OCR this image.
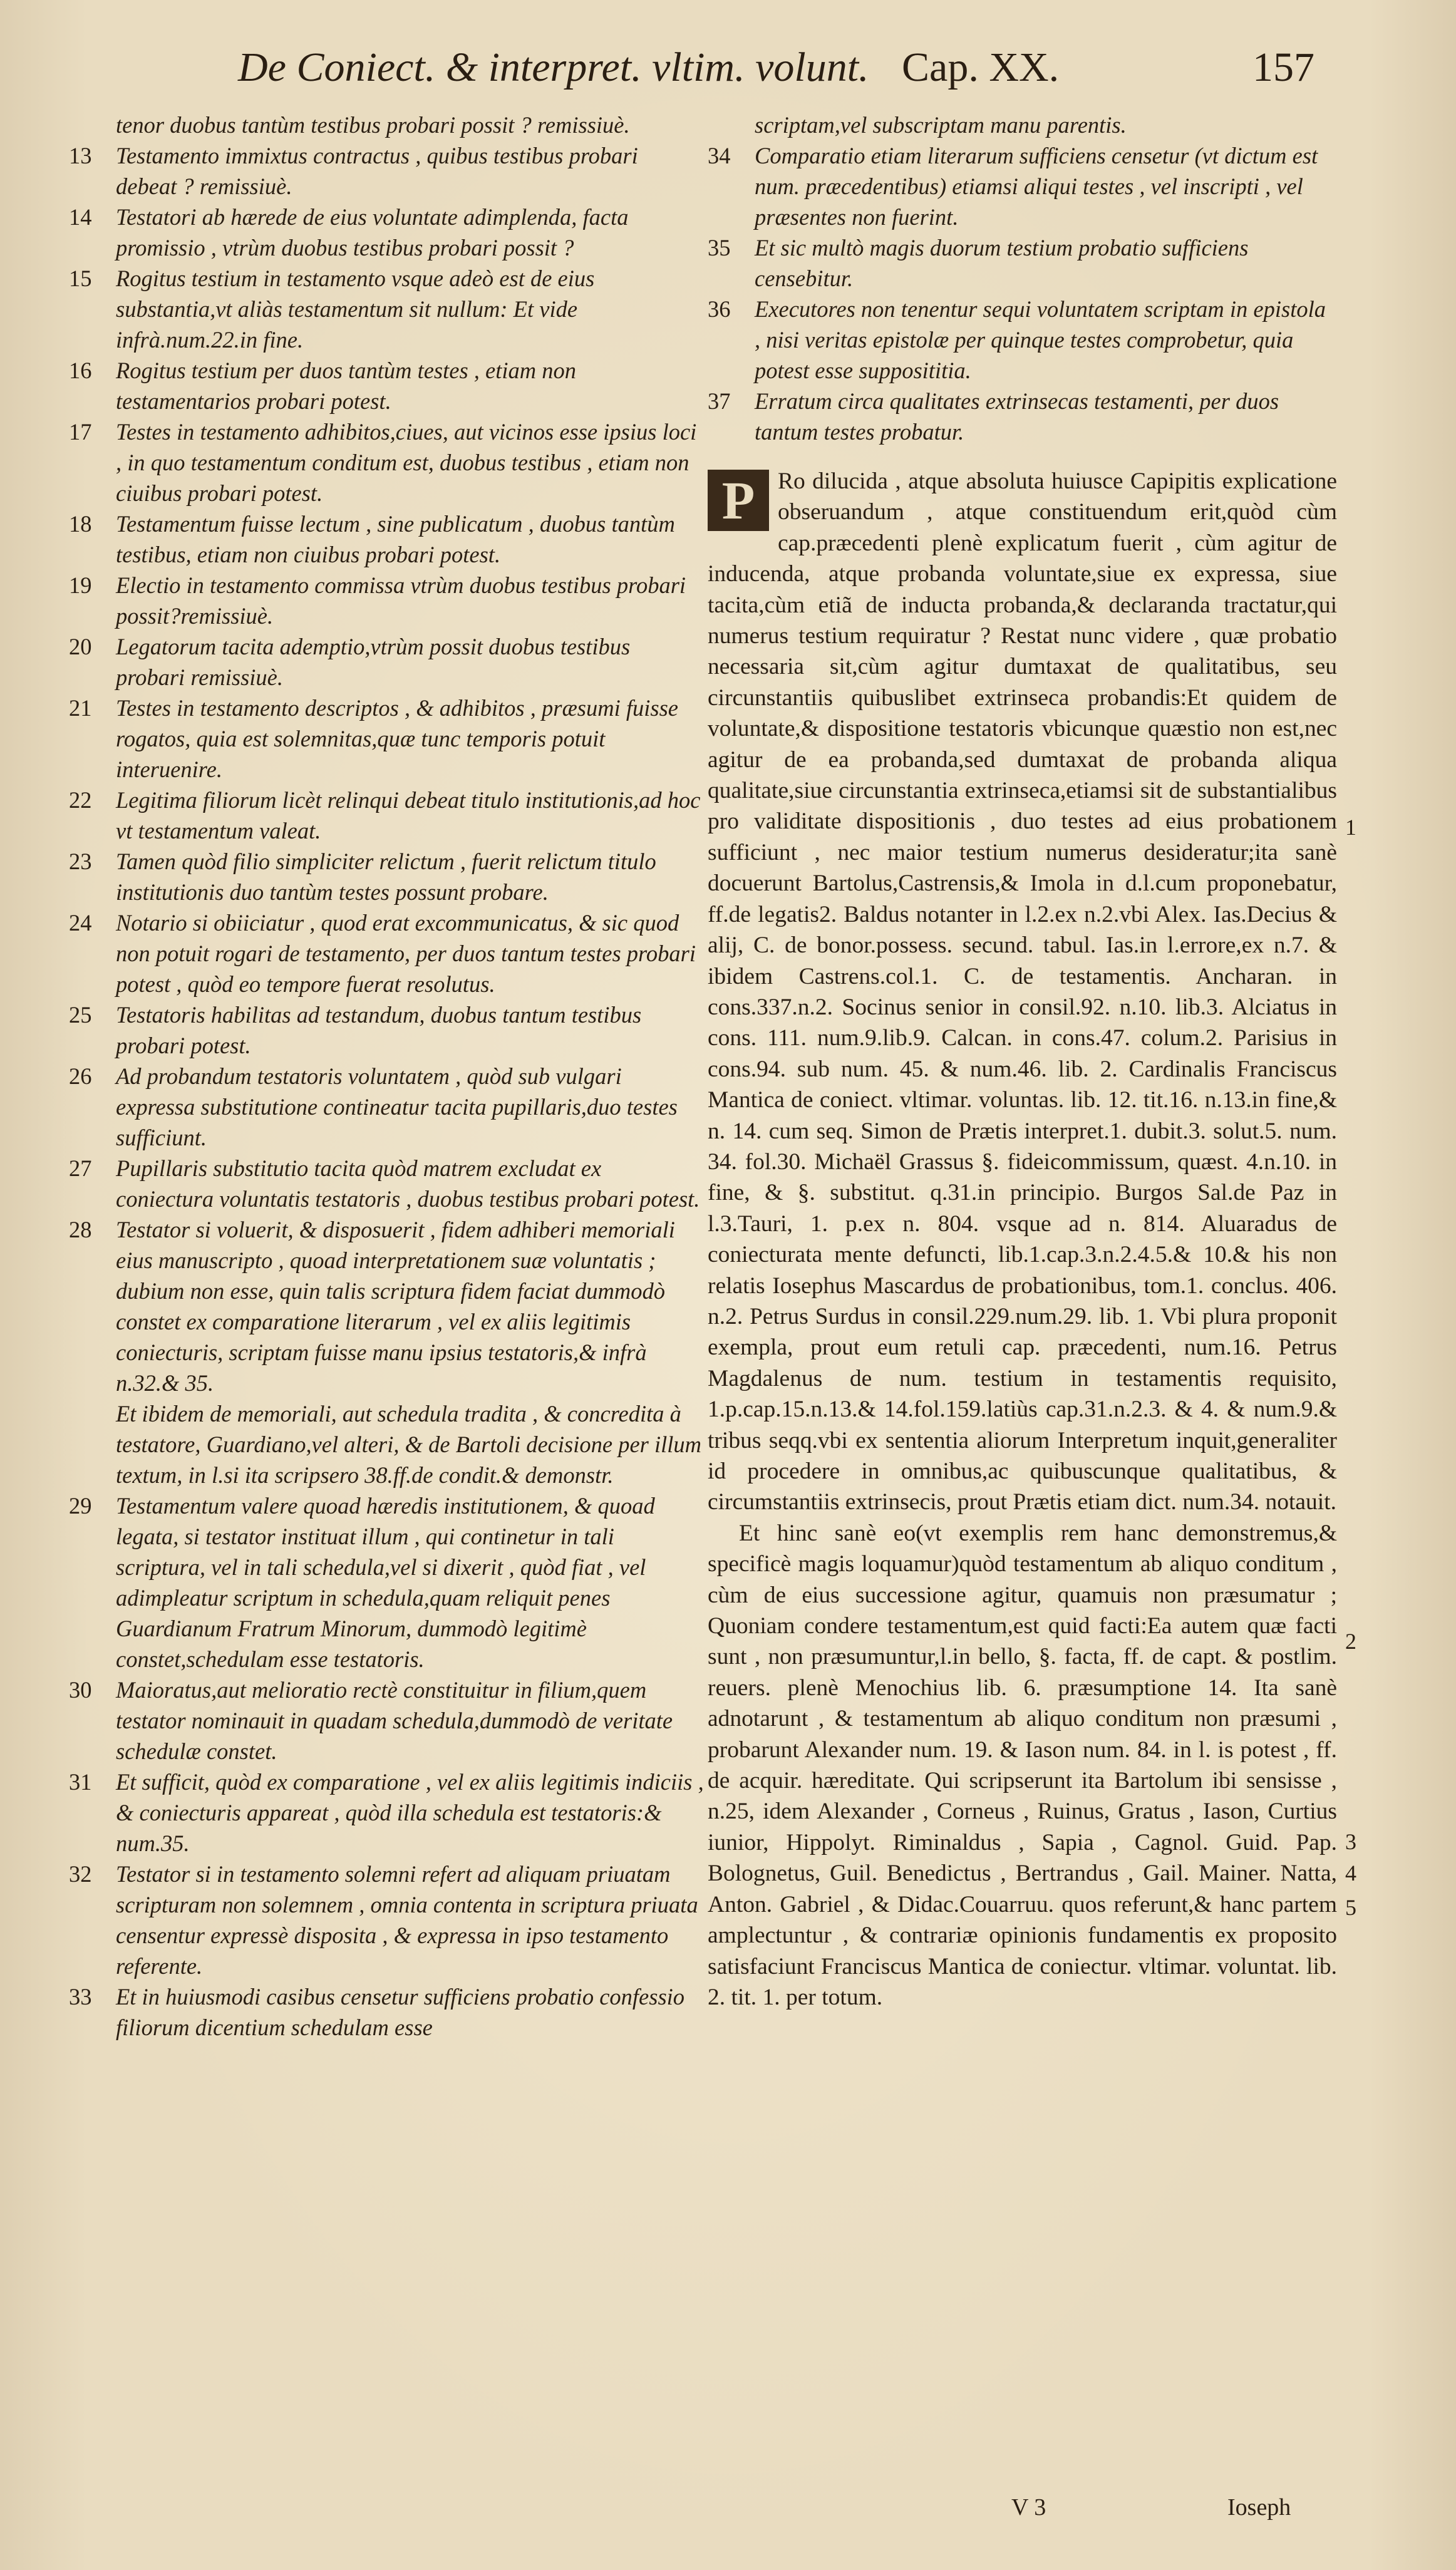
De Coniect. & interpret. vltim. volunt. Cap. XX.	157
tenor duobus tantùm testibus probari possit ? remissiuè.
13	Testamento immixtus contractus , quibus testibus probari debeat ? remissiuè.
14	Testatori ab hærede de eius voluntate adimplenda, facta promissio , vtrùm duobus testibus probari possit ?
15	Rogitus testium in testamento vsque adeò est de eius substantia,vt aliàs testamentum sit nullum: Et vide infrà.num.22.in fine.
16	Rogitus testium per duos tantùm testes , etiam non testamentarios probari potest.
17	Testes in testamento adhibitos,ciues, aut vicinos esse ipsius loci , in quo testamentum conditum est, duobus testibus , etiam non ciuibus probari potest.
18	Testamentum fuisse lectum , sine publicatum , duobus tantùm testibus, etiam non ciuibus probari potest.
19	Electio in testamento commissa vtrùm duobus testibus probari possit?remissiuè.
20	Legatorum tacita ademptio,vtrùm possit duobus testibus probari remissiuè.
21	Testes in testamento descriptos , & adhibitos , præsumi fuisse rogatos, quia est solemnitas,quæ tunc temporis potuit interuenire.
22	Legitima filiorum licèt relinqui debeat titulo institutionis,ad hoc vt testamentum valeat.
23	Tamen quòd filio simpliciter relictum , fuerit relictum titulo institutionis duo tantùm testes possunt probare.
24	Notario si obiiciatur , quod erat excommunicatus, & sic quod non potuit rogari de testamento, per duos tantum testes probari potest , quòd eo tempore fuerat resolutus.
25	Testatoris habilitas ad testandum, duobus tantum testibus probari potest.
26	Ad probandum testatoris voluntatem , quòd sub vulgari expressa substitutione contineatur tacita pupillaris,duo testes sufficiunt.
27	Pupillaris substitutio tacita quòd matrem excludat ex coniectura voluntatis testatoris , duobus testibus probari potest.
28	Testator si voluerit, & disposuerit , fidem adhiberi memoriali eius manuscripto , quoad interpretationem suæ voluntatis ; dubium non esse, quin talis scriptura fidem faciat dummodò constet ex comparatione literarum , vel ex aliis legitimis coniecturis, scriptam fuisse manu ipsius testatoris,& infrà n.32.& 35.
Et ibidem de memoriali, aut schedula tradita , & concredita à testatore, Guardiano,vel alteri, & de Bartoli decisione per illum textum, in l.si ita scripsero 38.ff.de condit.& demonstr.
29	Testamentum valere quoad hæredis institutionem, & quoad legata, si testator instituat illum , qui continetur in tali scriptura, vel in tali schedula,vel si dixerit , quòd fiat , vel adimpleatur scriptum in schedula,quam reliquit penes Guardianum Fratrum Minorum, dummodò legitimè constet,schedulam esse testatoris.
30	Maioratus,aut melioratio rectè constituitur in filium,quem testator nominauit in quadam schedula,dummodò de veritate schedulæ constet.
31	Et sufficit, quòd ex comparatione , vel ex aliis legitimis indiciis , & coniecturis appareat , quòd illa schedula est testatoris:& num.35.
32	Testator si in testamento solemni refert ad aliquam priuatam scripturam non solemnem , omnia contenta in scriptura priuata censentur expressè disposita , & expressa in ipso testamento referente.
33	Et in huiusmodi casibus censetur sufficiens probatio confessio filiorum dicentium schedulam esse
scriptam,vel subscriptam manu parentis.
34	Comparatio etiam literarum sufficiens censetur (vt dictum est num. præcedentibus) etiamsi aliqui testes , vel inscripti , vel præsentes non fuerint.
35	Et sic multò magis duorum testium probatio sufficiens censebitur.
36	Executores non tenentur sequi voluntatem scriptam in epistola , nisi veritas epistolæ per quinque testes comprobetur, quia potest esse supposititia.
37	Erratum circa qualitates extrinsecas testamenti, per duos tantum testes probatur.

P Ro dilucida , atque absoluta huiusce Capipitis explicatione obseruandum , atque constituendum erit,quòd cùm cap.præcedenti plenè explicatum fuerit , cùm agitur de inducenda, atque probanda voluntate,siue ex expressa, siue tacita,cùm etiã de inducta probanda,& declaranda tractatur,qui numerus testium requiratur ? Restat nunc videre , quæ probatio necessaria sit,cùm agitur dumtaxat de qualitatibus, seu circunstantiis quibuslibet extrinseca probandis:Et quidem de voluntate,& dispositione testatoris vbicunque quæstio non est,nec agitur de ea probanda,sed dumtaxat de probanda aliqua qualitate,siue circunstantia extrinseca,etiamsi sit de substantialibus pro validitate dispositionis , duo testes ad eius probationem sufficiunt , nec maior testium numerus desideratur;ita sanè docuerunt Bartolus,Castrensis,& Imola in d.l.cum proponebatur, ff.de legatis2. Baldus notanter in l.2.ex n.2.vbi Alex. Ias.Decius & alij, C. de bonor.possess. secund. tabul. Ias.in l.errore,ex n.7. & ibidem Castrens.col.1. C. de testamentis. Ancharan. in cons.337.n.2. Socinus senior in consil.92. n.10. lib.3. Alciatus in cons. 111. num.9.lib.9. Calcan. in cons.47. colum.2. Parisius in cons.94. sub num. 45. & num.46. lib. 2. Cardinalis Franciscus Mantica de coniect. vltimar. voluntas. lib. 12. tit.16. n.13.in fine,& n. 14. cum seq. Simon de Prætis interpret.1. dubit.3. solut.5. num. 34. fol.30. Michaël Grassus §. fideicommissum, quæst. 4.n.10. in fine, & §. substitut. q.31.in principio. Burgos Sal.de Paz in l.3.Tauri, 1. p.ex n. 804. vsque ad n. 814. Aluaradus de coniecturata mente defuncti, lib.1.cap.3.n.2.4.5.& 10.& his non relatis Iosephus Mascardus de probationibus, tom.1. conclus. 406. n.2. Petrus Surdus in consil.229.num.29. lib. 1. Vbi plura proponit exempla, prout eum retuli cap. præcedenti, num.16. Petrus Magdalenus de num. testium in testamentis requisito, 1.p.cap.15.n.13.& 14.fol.159.latiùs cap.31.n.2.3. & 4. & num.9.& tribus seqq.vbi ex sententia aliorum Interpretum inquit,generaliter id procedere in omnibus,ac quibuscunque qualitatibus, & circumstantiis extrinsecis, prout Prætis etiam dict. num.34. notauit.

Et hinc sanè eo(vt exemplis rem hanc demonstremus,& specificè magis loquamur)quòd testamentum ab aliquo conditum , cùm de eius successione agitur, quamuis non præsumatur ; Quoniam condere testamentum,est quid facti:Ea autem quæ facti sunt , non præsumuntur,l.in bello, §. facta, ff. de capt. & postlim. reuers. plenè Menochius lib. 6. præsumptione 14. Ita sanè adnotarunt , & testamentum ab aliquo conditum non præsumi , probarunt Alexander num. 19. & Iason num. 84. in l. is potest , ff. de acquir. hæreditate. Qui scripserunt ita Bartolum ibi sensisse , n.25, idem Alexander , Corneus , Ruinus, Gratus , Iason, Curtius iunior, Hippolyt. Riminaldus , Sapia , Cagnol. Guid. Pap. Bolognetus, Guil. Benedictus , Bertrandus , Gail. Mainer. Natta, Anton. Gabriel , & Didac.Couarruu. quos referunt,& hanc partem amplectuntur , & contrariæ opinionis fundamentis ex proposito satisfaciunt Franciscus Mantica de coniectur. vltimar. voluntat. lib. 2. tit. 1. per totum.

1
2
3
4
5
V 3	Ioseph
